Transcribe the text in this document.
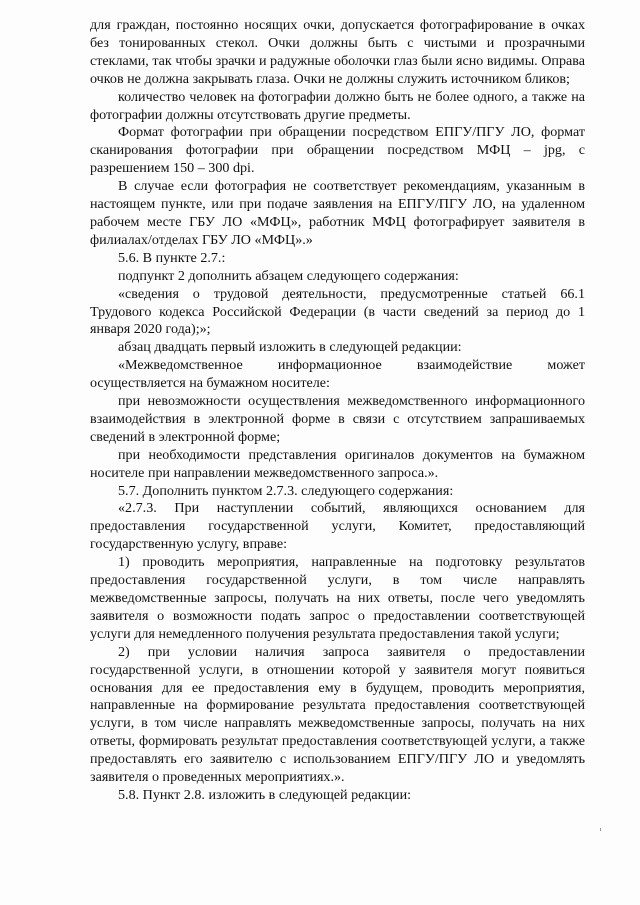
для граждан, постоянно носящих очки, допускается фотографирование в очках без тонированных стекол. Очки должны быть с чистыми и прозрачными стеклами, так чтобы зрачки и радужные оболочки глаз были ясно видимы. Оправа очков не должна закрывать глаза. Очки не должны служить источником бликов;

количество человек на фотографии должно быть не более одного, а также на фотографии должны отсутствовать другие предметы.

Формат фотографии при обращении посредством ЕПГУ/ПГУ ЛО, формат сканирования фотографии при обращении посредством МФЦ – jpg, с разрешением 150 – 300 dpi.

В случае если фотография не соответствует рекомендациям, указанным в настоящем пункте, или при подаче заявления на ЕПГУ/ПГУ ЛО, на удаленном рабочем месте ГБУ ЛО «МФЦ», работник МФЦ фотографирует заявителя в филиалах/отделах ГБУ ЛО «МФЦ».»

5.6. В пункте 2.7.:

подпункт 2 дополнить абзацем следующего содержания:

«сведения о трудовой деятельности, предусмотренные статьей 66.1 Трудового кодекса Российской Федерации (в части сведений за период до 1 января 2020 года);»;

абзац двадцать первый изложить в следующей редакции:

«Межведомственное информационное взаимодействие может осуществляется на бумажном носителе:

при невозможности осуществления межведомственного информационного взаимодействия в электронной форме в связи с отсутствием запрашиваемых сведений в электронной форме;

при необходимости представления оригиналов документов на бумажном носителе при направлении межведомственного запроса.».

5.7. Дополнить пунктом 2.7.3. следующего содержания:

«2.7.3. При наступлении событий, являющихся основанием для предоставления государственной услуги, Комитет, предоставляющий государственную услугу, вправе:

1) проводить мероприятия, направленные на подготовку результатов предоставления государственной услуги, в том числе направлять межведомственные запросы, получать на них ответы, после чего уведомлять заявителя о возможности подать запрос о предоставлении соответствующей услуги для немедленного получения результата предоставления такой услуги;

2) при условии наличия запроса заявителя о предоставлении государственной услуги, в отношении которой у заявителя могут появиться основания для ее предоставления ему в будущем, проводить мероприятия, направленные на формирование результата предоставления соответствующей услуги, в том числе направлять межведомственные запросы, получать на них ответы, формировать результат предоставления соответствующей услуги, а также предоставлять его заявителю с использованием ЕПГУ/ПГУ ЛО и уведомлять заявителя о проведенных мероприятиях.».

5.8. Пункт 2.8. изложить в следующей редакции:
